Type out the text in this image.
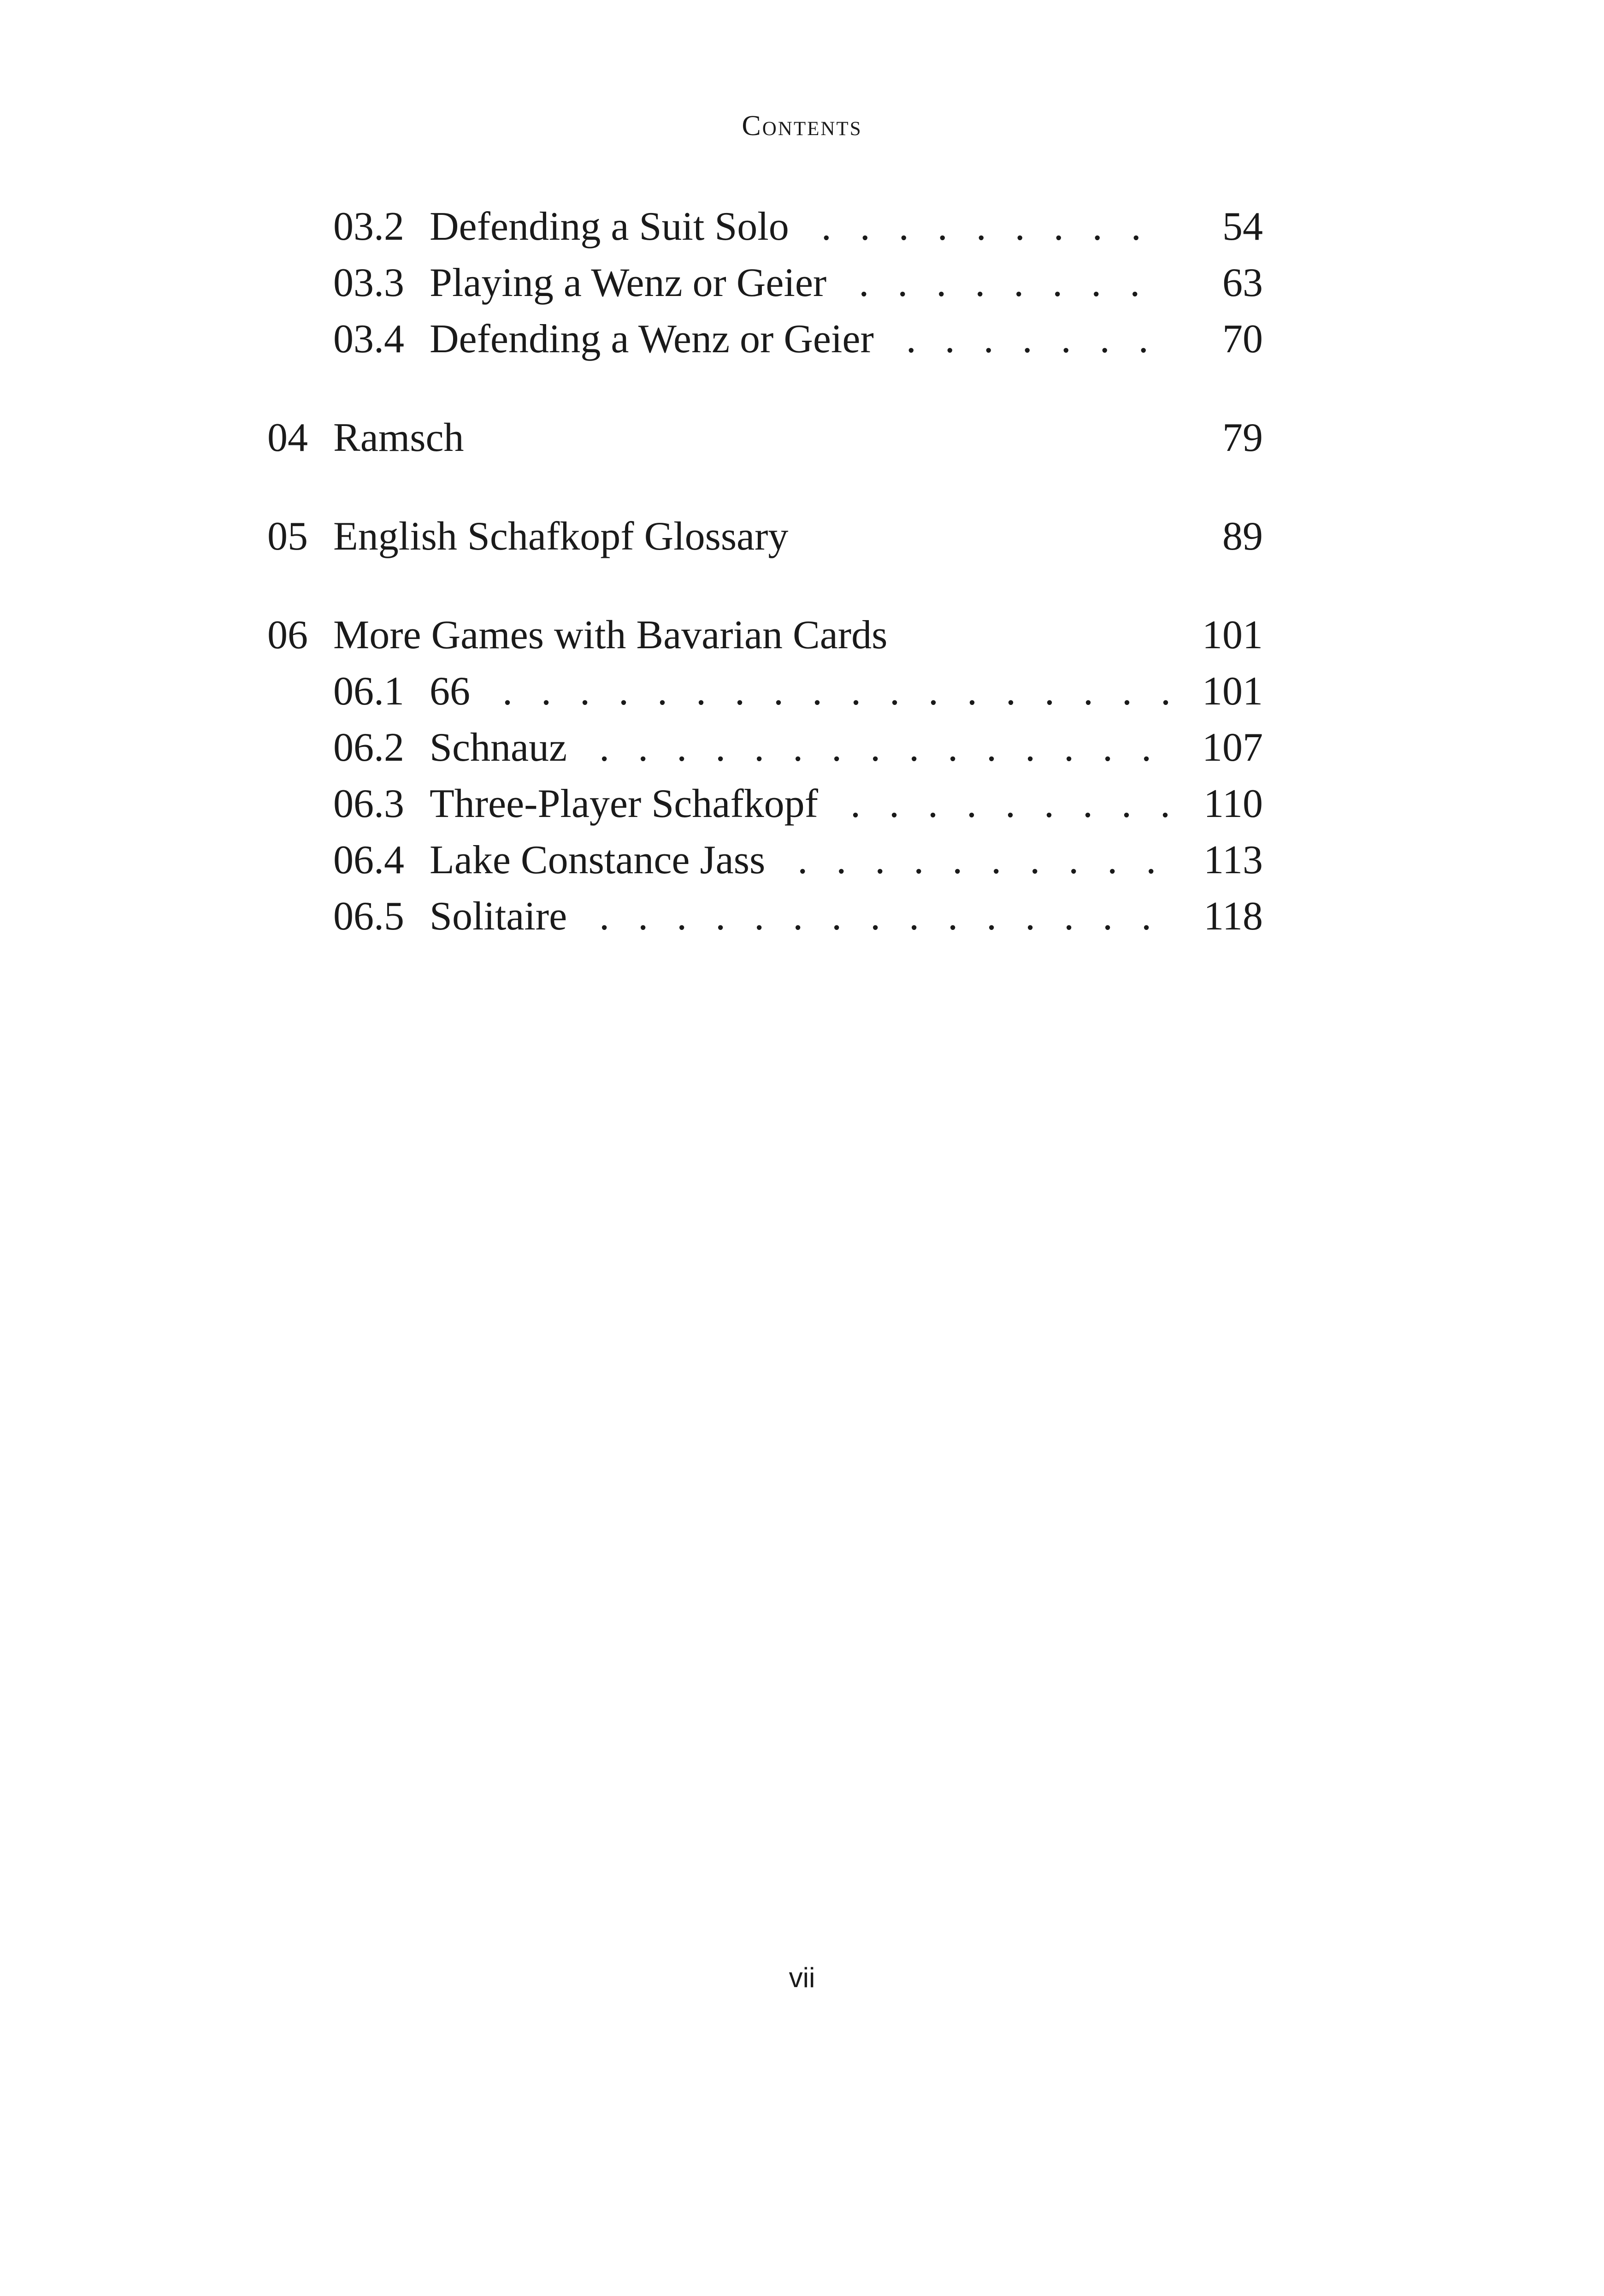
Contents
03.2 Defending a Suit Solo . . .	54
03.3 Playing a Wenz or Geier . . .	63
03.4 Defending a Wenz or Geier . . .	70
04 Ramsch	79
05 English Schafkopf Glossary	89
06 More Games with Bavarian Cards	101
06.1 66 . . .	101
06.2 Schnauz . . .	107
06.3 Three-Player Schafkopf . . .	110
06.4 Lake Constance Jass . . .	113
06.5 Solitaire . . .	118
vii
